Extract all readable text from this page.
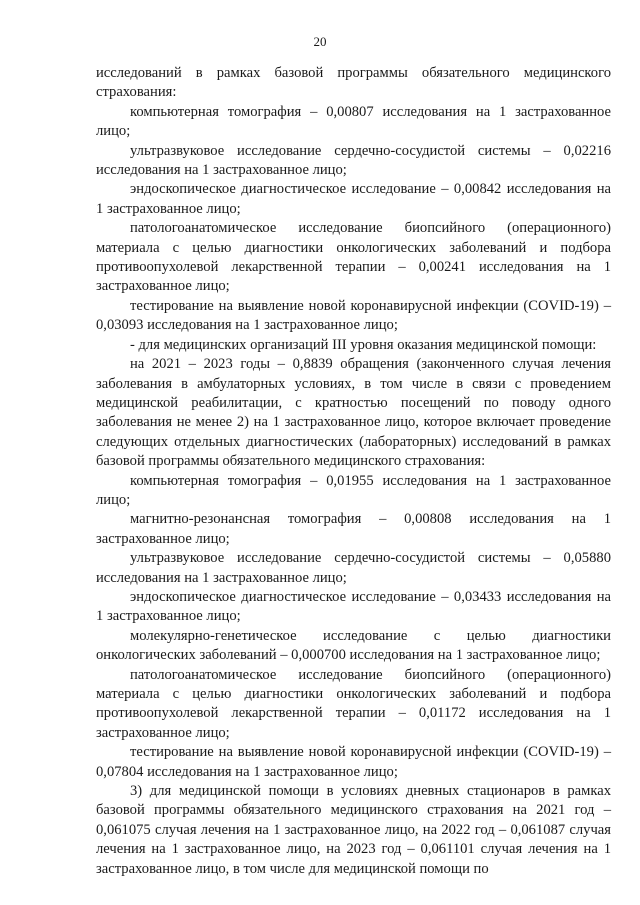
20

исследований в рамках базовой программы обязательного медицинского страхования:

компьютерная томография – 0,00807 исследования на 1 застрахованное лицо;

ультразвуковое исследование сердечно-сосудистой системы – 0,02216 исследования на 1 застрахованное лицо;

эндоскопическое диагностическое исследование – 0,00842 исследования на 1 застрахованное лицо;

патологоанатомическое исследование биопсийного (операционного) материала с целью диагностики онкологических заболеваний и подбора противоопухолевой лекарственной терапии – 0,00241 исследования на 1 застрахованное лицо;

тестирование на выявление новой коронавирусной инфекции (COVID-19) – 0,03093 исследования на 1 застрахованное лицо;

- для медицинских организаций III уровня оказания медицинской помощи:

на 2021 – 2023 годы – 0,8839 обращения (законченного случая лечения заболевания в амбулаторных условиях, в том числе в связи с проведением медицинской реабилитации, с кратностью посещений по поводу одного заболевания не менее 2) на 1 застрахованное лицо, которое включает проведение следующих отдельных диагностических (лабораторных) исследований в рамках базовой программы обязательного медицинского страхования:

компьютерная томография – 0,01955 исследования на 1 застрахованное лицо;

магнитно-резонансная томография – 0,00808 исследования на 1 застрахованное лицо;

ультразвуковое исследование сердечно-сосудистой системы – 0,05880 исследования на 1 застрахованное лицо;

эндоскопическое диагностическое исследование – 0,03433 исследования на 1 застрахованное лицо;

молекулярно-генетическое исследование с целью диагностики онкологических заболеваний – 0,000700 исследования на 1 застрахованное лицо;

патологоанатомическое исследование биопсийного (операционного) материала с целью диагностики онкологических заболеваний и подбора противоопухолевой лекарственной терапии – 0,01172 исследования на 1 застрахованное лицо;

тестирование на выявление новой коронавирусной инфекции (COVID-19) – 0,07804 исследования на 1 застрахованное лицо;

3) для медицинской помощи в условиях дневных стационаров в рамках базовой программы обязательного медицинского страхования на 2021 год – 0,061075 случая лечения на 1 застрахованное лицо, на 2022 год – 0,061087 случая лечения на 1 застрахованное лицо, на 2023 год – 0,061101 случая лечения на 1 застрахованное лицо, в том числе для медицинской помощи по
